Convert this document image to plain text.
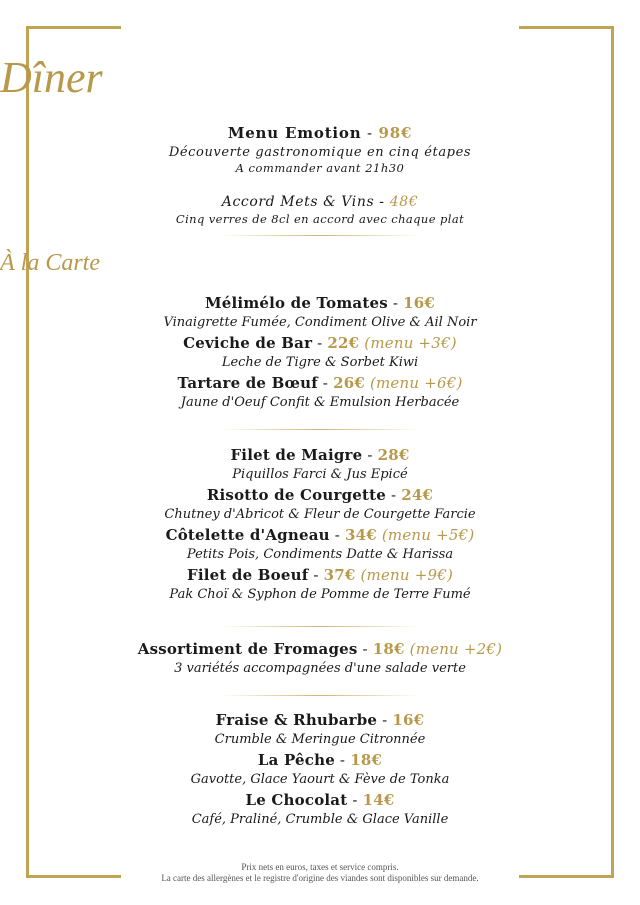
Dîner
Menu Emotion - 98€
Découverte gastronomique en cinq étapes
A commander avant 21h30
Accord Mets & Vins - 48€
Cinq verres de 8cl en accord avec chaque plat
À la Carte
Mélimélo de Tomates - 16€
Vinaigrette Fumée, Condiment Olive & Ail Noir
Ceviche de Bar - 22€ (menu +3€)
Leche de Tigre & Sorbet Kiwi
Tartare de Bœuf - 26€ (menu +6€)
Jaune d'Oeuf Confit & Emulsion Herbacée
Filet de Maigre - 28€
Piquillos Farci & Jus Epicé
Risotto de Courgette - 24€
Chutney d'Abricot & Fleur de Courgette Farcie
Côtelette d'Agneau - 34€ (menu +5€)
Petits Pois, Condiments Datte & Harissa
Filet de Boeuf - 37€ (menu +9€)
Pak Choï & Syphon de Pomme de Terre Fumé
Assortiment de Fromages - 18€ (menu +2€)
3 variétés accompagnées d'une salade verte
Fraise & Rhubarbe - 16€
Crumble & Meringue Citronnée
La Pêche - 18€
Gavotte, Glace Yaourt & Fève de Tonka
Le Chocolat - 14€
Café, Praliné, Crumble & Glace Vanille
Prix nets en euros, taxes et service compris.
La carte des allergènes et le registre d'origine des viandes sont disponibles sur demande.
